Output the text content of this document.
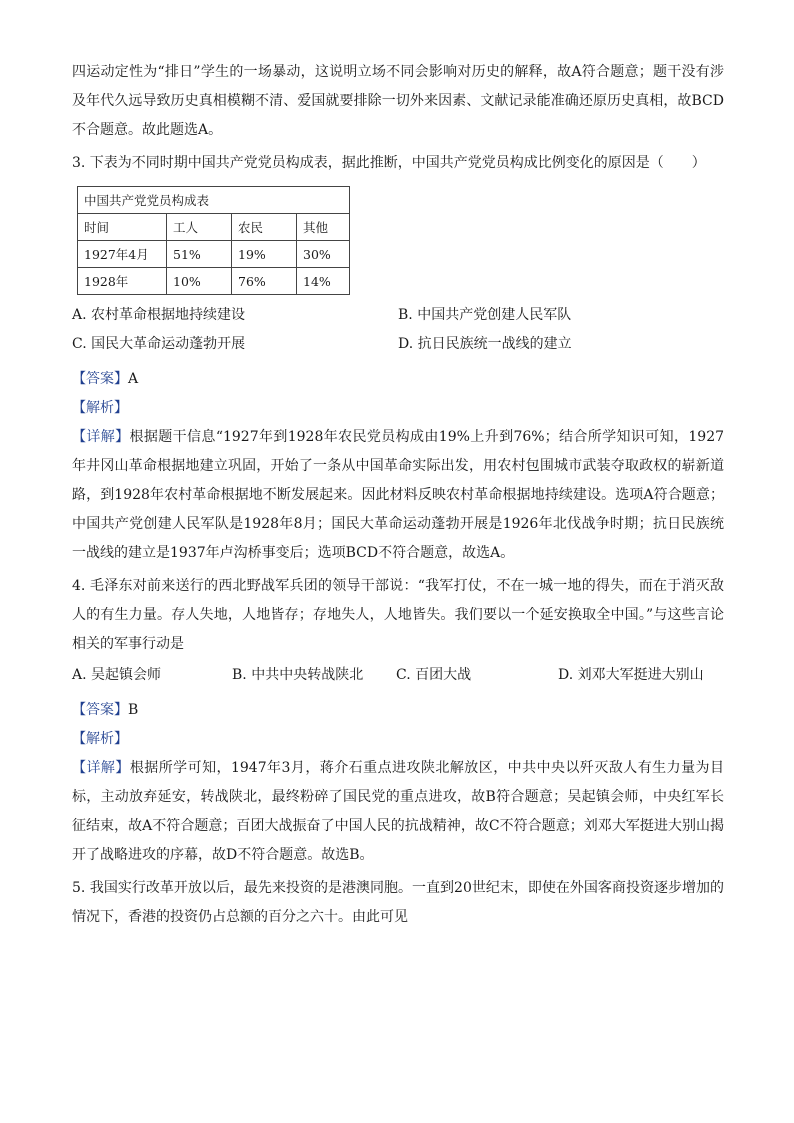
四运动定性为“排日”学生的一场暴动，这说明立场不同会影响对历史的解释，故A符合题意；题干没有涉及年代久远导致历史真相模糊不清、爱国就要排除一切外来因素、文献记录能准确还原历史真相，故BCD不合题意。故此题选A。

3. 下表为不同时期中国共产党党员构成表，据此推断，中国共产党党员构成比例变化的原因是（　　）

中国共产党党员构成表			
时间	工人	农民	其他
1927年4月	51%	19%	30%
1928年	10%	76%	14%
A. 农村革命根据地持续建设	B. 中国共产党创建人民军队
C. 国民大革命运动蓬勃开展	D. 抗日民族统一战线的建立

【答案】A

【解析】

【详解】根据题干信息“1927年到1928年农民党员构成由19%上升到76%；结合所学知识可知，1927年井冈山革命根据地建立巩固，开始了一条从中国革命实际出发，用农村包围城市武装夺取政权的崭新道路，到1928年农村革命根据地不断发展起来。因此材料反映农村革命根据地持续建设。选项A符合题意；中国共产党创建人民军队是1928年8月；国民大革命运动蓬勃开展是1926年北伐战争时期；抗日民族统一战线的建立是1937年卢沟桥事变后；选项BCD不符合题意，故选A。

4. 毛泽东对前来送行的西北野战军兵团的领导干部说：“我军打仗，不在一城一地的得失，而在于消灭敌人的有生力量。存人失地，人地皆存；存地失人，人地皆失。我们要以一个延安换取全中国。”与这些言论相关的军事行动是

A. 吴起镇会师	B. 中共中央转战陕北	C. 百团大战	D. 刘邓大军挺进大别山

【答案】B

【解析】

【详解】根据所学可知，1947年3月，蒋介石重点进攻陕北解放区，中共中央以歼灭敌人有生力量为目标，主动放弃延安，转战陕北，最终粉碎了国民党的重点进攻，故B符合题意；吴起镇会师，中央红军长征结束，故A不符合题意；百团大战振奋了中国人民的抗战精神，故C不符合题意；刘邓大军挺进大别山揭开了战略进攻的序幕，故D不符合题意。故选B。

5. 我国实行改革开放以后，最先来投资的是港澳同胞。一直到20世纪末，即使在外国客商投资逐步增加的情况下，香港的投资仍占总额的百分之六十。由此可见
